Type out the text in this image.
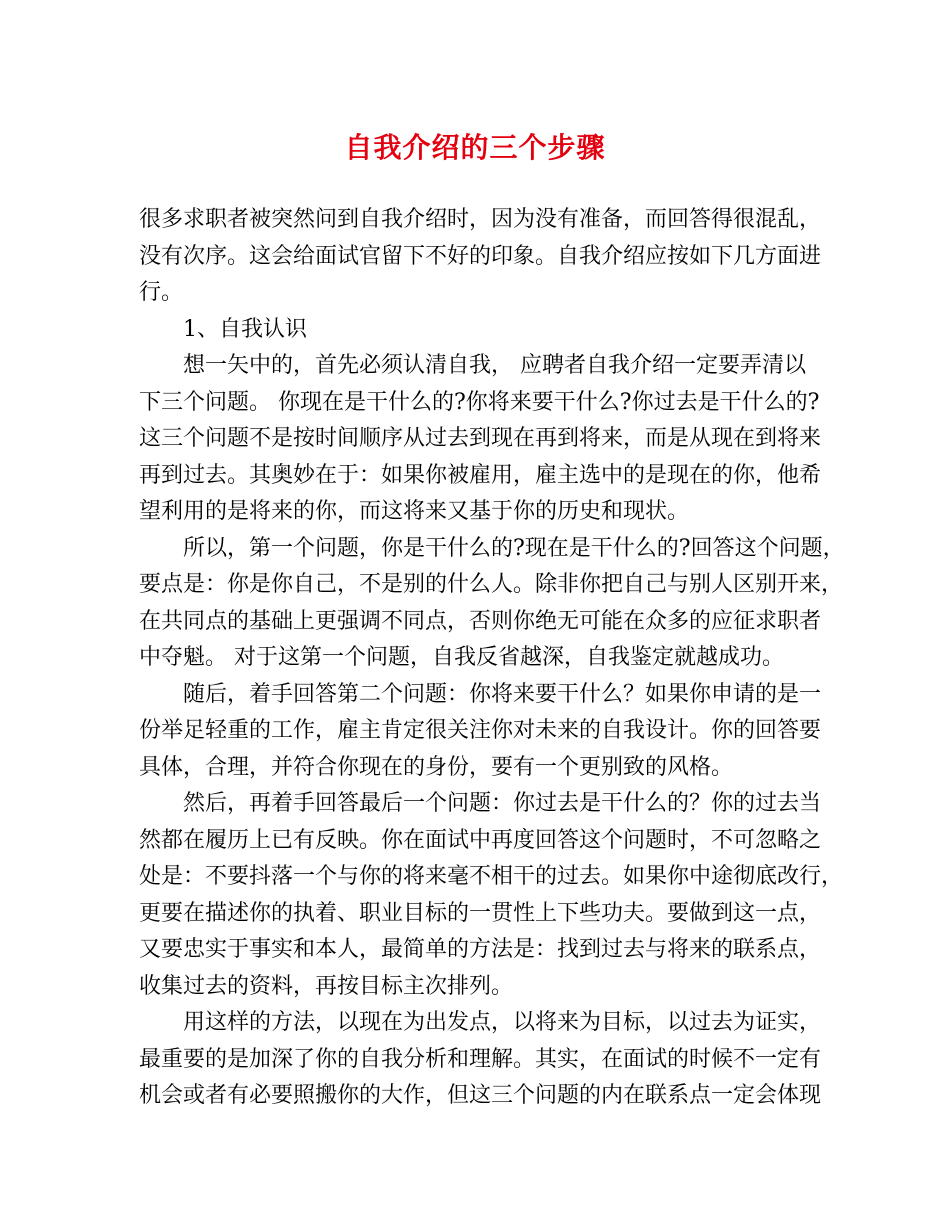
自我介绍的三个步骤
很多求职者被突然问到自我介绍时，因为没有准备，而回答得很混乱，
没有次序。这会给面试官留下不好的印象。自我介绍应按如下几方面进
行。
1、自我认识
想一矢中的，首先必须认清自我， 应聘者自我介绍一定要弄清以
下三个问题。 你现在是干什么的?你将来要干什么?你过去是干什么的?
这三个问题不是按时间顺序从过去到现在再到将来，而是从现在到将来
再到过去。其奥妙在于：如果你被雇用，雇主选中的是现在的你，他希
望利用的是将来的你，而这将来又基于你的历史和现状。
所以，第一个问题，你是干什么的?现在是干什么的?回答这个问题，
要点是：你是你自己，不是别的什么人。除非你把自己与别人区别开来，
在共同点的基础上更强调不同点，否则你绝无可能在众多的应征求职者
中夺魁。 对于这第一个问题，自我反省越深，自我鉴定就越成功。
随后，着手回答第二个问题：你将来要干什么？如果你申请的是一
份举足轻重的工作，雇主肯定很关注你对未来的自我设计。你的回答要
具体，合理，并符合你现在的身份，要有一个更别致的风格。
然后，再着手回答最后一个问题：你过去是干什么的？你的过去当
然都在履历上已有反映。你在面试中再度回答这个问题时，不可忽略之
处是：不要抖落一个与你的将来毫不相干的过去。如果你中途彻底改行，
更要在描述你的执着、职业目标的一贯性上下些功夫。要做到这一点，
又要忠实于事实和本人，最简单的方法是：找到过去与将来的联系点，
收集过去的资料，再按目标主次排列。
用这样的方法，以现在为出发点，以将来为目标，以过去为证实，
最重要的是加深了你的自我分析和理解。其实，在面试的时候不一定有
机会或者有必要照搬你的大作，但这三个问题的内在联系点一定会体现
